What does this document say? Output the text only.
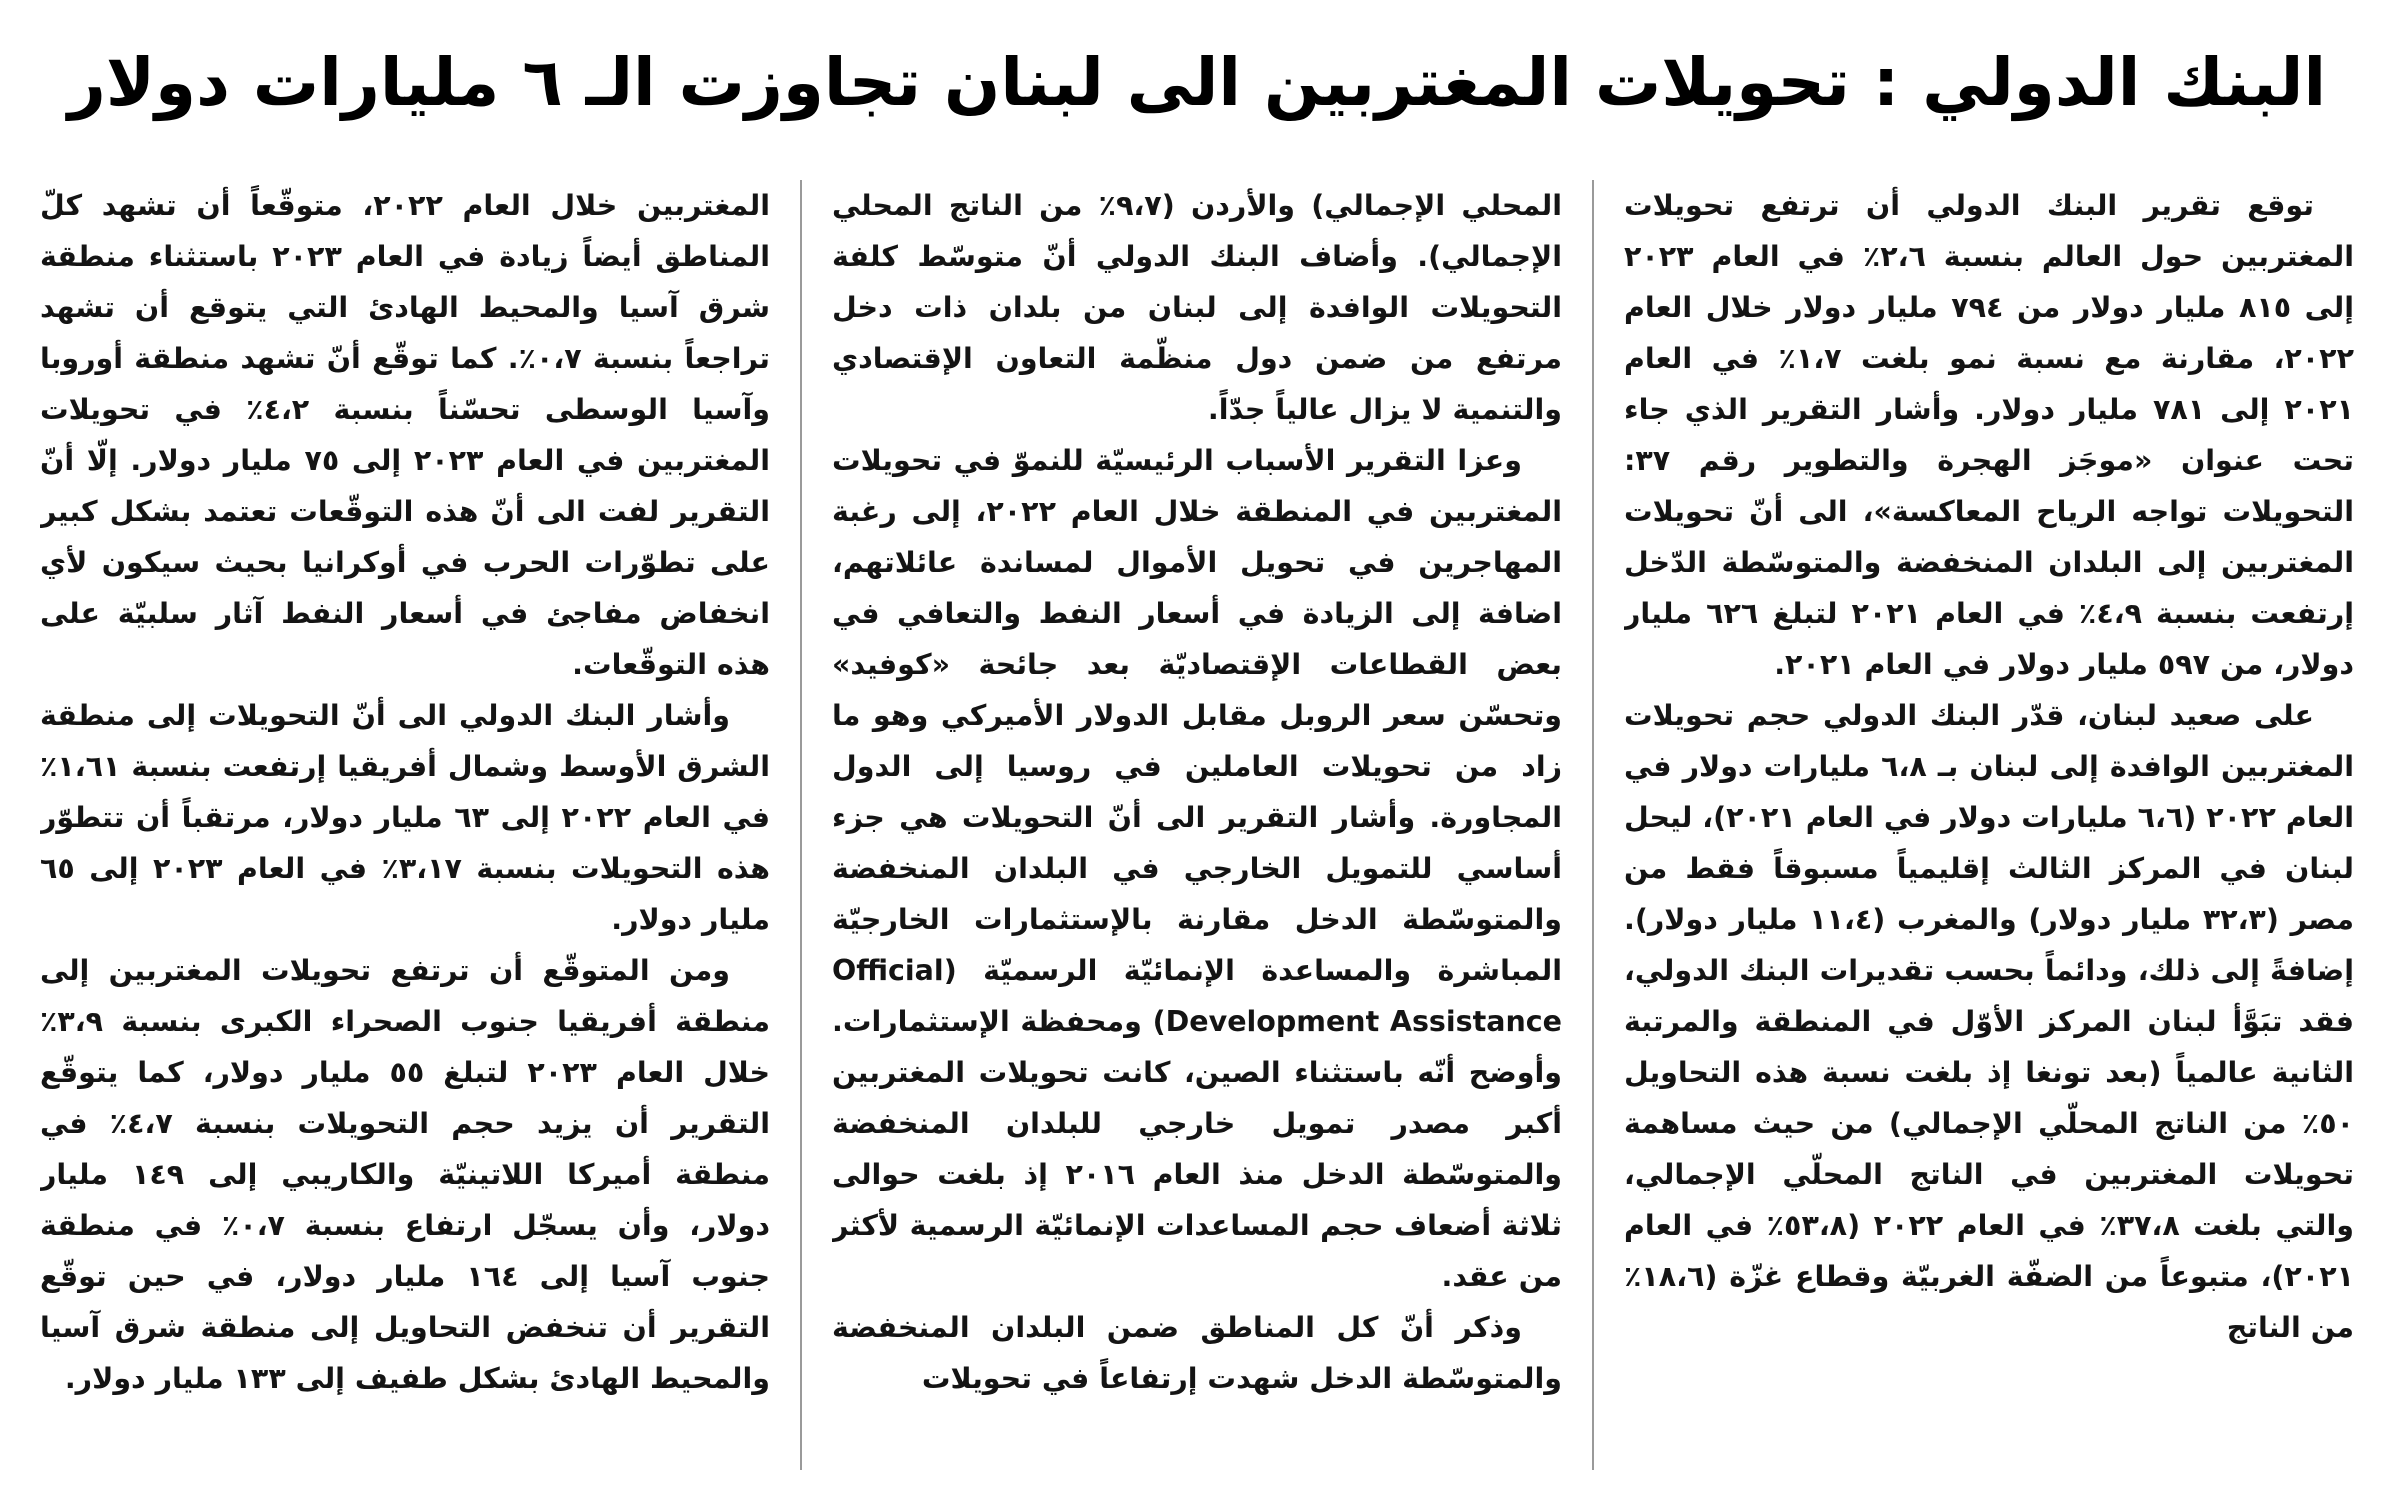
البنك الدولي : تحويلات المغتربين الى لبنان تجاوزت الـ ٦ مليارات دولار

توقع تقرير البنك الدولي أن ترتفع تحويلات المغتربين حول العالم بنسبة ٢،٦٪ في العام ٢٠٢٣ إلى ٨١٥ مليار دولار من ٧٩٤ مليار دولار خلال العام ٢٠٢٢، مقارنة مع نسبة نمو بلغت ١،٧٪ في العام ٢٠٢١ إلى ٧٨١ مليار دولار. وأشار التقرير الذي جاء تحت عنوان «موجَز الهجرة والتطوير رقم ٣٧: التحويلات تواجه الرياح المعاكسة»، الى أنّ تحويلات المغتربين إلى البلدان المنخفضة والمتوسّطة الدّخل إرتفعت بنسبة ٤،٩٪ في العام ٢٠٢١ لتبلغ ٦٢٦ مليار دولار، من ٥٩٧ مليار دولار في العام ٢٠٢١.

على صعيد لبنان، قدّر البنك الدولي حجم تحويلات المغتربين الوافدة إلى لبنان بـ ٦،٨ مليارات دولار في العام ٢٠٢٢ (٦،٦ مليارات دولار في العام ٢٠٢١)، ليحل لبنان في المركز الثالث إقليمياً مسبوقاً فقط من مصر (٣٢،٣ مليار دولار) والمغرب (١١،٤ مليار دولار). إضافةً إلى ذلك، ودائماً بحسب تقديرات البنك الدولي، فقد تبَوَّأ لبنان المركز الأوّل في المنطقة والمرتبة الثانية عالمياً (بعد تونغا إذ بلغت نسبة هذه التحاويل ٥٠٪ من الناتج المحلّي الإجمالي) من حيث مساهمة تحويلات المغتربين في الناتج المحلّي الإجمالي، والتي بلغت ٣٧،٨٪ في العام ٢٠٢٢ (٥٣،٨٪ في العام ٢٠٢١)، متبوعاً من الضفّة الغربيّة وقطاع غزّة (١٨،٦٪ من الناتج

المحلي الإجمالي) والأردن (٩،٧٪ من الناتج المحلي الإجمالي). وأضاف البنك الدولي أنّ متوسّط كلفة التحويلات الوافدة إلى لبنان من بلدان ذات دخل مرتفع من ضمن دول منظّمة التعاون الإقتصادي والتنمية لا يزال عالياً جدّاً.

وعزا التقرير الأسباب الرئيسيّة للنموّ في تحويلات المغتربين في المنطقة خلال العام ٢٠٢٢، إلى رغبة المهاجرين في تحويل الأموال لمساندة عائلاتهم، اضافة إلى الزيادة في أسعار النفط والتعافي في بعض القطاعات الإقتصاديّة بعد جائحة «كوفيد» وتحسّن سعر الروبل مقابل الدولار الأميركي وهو ما زاد من تحويلات العاملين في روسيا إلى الدول المجاورة. وأشار التقرير الى أنّ التحويلات هي جزء أساسي للتمويل الخارجي في البلدان المنخفضة والمتوسّطة الدخل مقارنة بالإستثمارات الخارجيّة المباشرة والمساعدة الإنمائيّة الرسميّة (Official Development Assistance) ومحفظة الإستثمارات. وأوضح أنّه باستثناء الصين، كانت تحويلات المغتربين أكبر مصدر تمويل خارجي للبلدان المنخفضة والمتوسّطة الدخل منذ العام ٢٠١٦ إذ بلغت حوالى ثلاثة أضعاف حجم المساعدات الإنمائيّة الرسمية لأكثر من عقد.

وذكر أنّ كل المناطق ضمن البلدان المنخفضة والمتوسّطة الدخل شهدت إرتفاعاً في تحويلات

المغتربين خلال العام ٢٠٢٢، متوقّعاً أن تشهد كلّ المناطق أيضاً زيادة في العام ٢٠٢٣ باستثناء منطقة شرق آسيا والمحيط الهادئ التي يتوقع أن تشهد تراجعاً بنسبة ٠،٧٪. كما توقّع أنّ تشهد منطقة أوروبا وآسيا الوسطى تحسّناً بنسبة ٤،٢٪ في تحويلات المغتربين في العام ٢٠٢٣ إلى ٧٥ مليار دولار. إلّا أنّ التقرير لفت الى أنّ هذه التوقّعات تعتمد بشكل كبير على تطوّرات الحرب في أوكرانيا بحيث سيكون لأي انخفاض مفاجئ في أسعار النفط آثار سلبيّة على هذه التوقّعات.

وأشار البنك الدولي الى أنّ التحويلات إلى منطقة الشرق الأوسط وشمال أفريقيا إرتفعت بنسبة ١،٦١٪ في العام ٢٠٢٢ إلى ٦٣ مليار دولار، مرتقباً أن تتطوّر هذه التحويلات بنسبة ٣،١٧٪ في العام ٢٠٢٣ إلى ٦٥ مليار دولار.

ومن المتوقّع أن ترتفع تحويلات المغتربين إلى منطقة أفريقيا جنوب الصحراء الكبرى بنسبة ٣،٩٪ خلال العام ٢٠٢٣ لتبلغ ٥٥ مليار دولار، كما يتوقّع التقرير أن يزيد حجم التحويلات بنسبة ٤،٧٪ في منطقة أميركا اللاتينيّة والكاريبي إلى ١٤٩ مليار دولار، وأن يسجّل ارتفاع بنسبة ٠،٧٪ في منطقة جنوب آسيا إلى ١٦٤ مليار دولار، في حين توقّع التقرير أن تنخفض التحاويل إلى منطقة شرق آسيا والمحيط الهادئ بشكل طفيف إلى ١٣٣ مليار دولار.
